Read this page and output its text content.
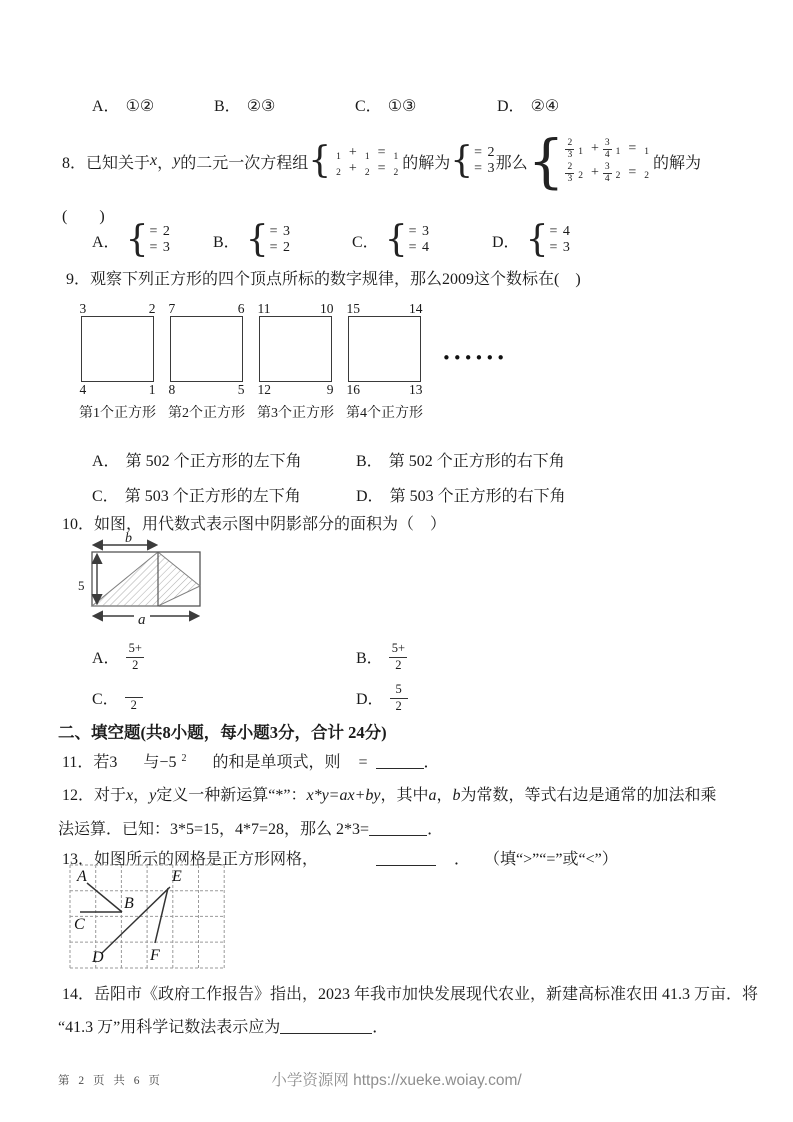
A． ①②	B． ②③	C． ①③	D． ②④
8．已知关于 x ， y 的二元一次方程组 { $_1$ + $_1$ = $_1$
$_2$ + $_2$ = $_2$
的解为 { = 2
= 3 那么 { $\frac{2}{3} 1 + \frac{3}{4} 1 = 1$
$\frac{2}{3} 2 + \frac{3}{4} 2 = 2$
的解为
(　　)
A． { = 2
= 3	B． { = 3
= 2	C． { = 3
= 4	D． { = 4
= 3
9．观察下列正方形的四个顶点所标的数字规律，那么2009这个数标在(　)
3	2
4	1
第1个正方形
7	6
8	5
第2个正方形
11	10
12	9
第3个正方形
15	14
16	13
第4个正方形
••••••
A． 第 502 个正方形的左下角	B． 第 502 个正方形的右下角
C． 第 503 个正方形的左下角	D． 第 503 个正方形的右下角
10．如图，用代数式表示图中阴影部分的面积为（　）
b
5
a
A．
5+
2	B．
5+
2
C． 2	D．
5
2
二、填空题(共8小题，每小题3分，合计 24分)
11．若3 与−5 $^2$ 的和是单项式，则 =	．
12．对于x，y定义一种新运算“*”：x*y=ax+by，其中a，b为常数，等式右边是通常的加法和乘
法运算．已知：3*5=15，4*7=28，那么 2*3=	．
13．如图所示的网格是正方形网格，	． （填“>”“=”或“<”）
A
B
C
D
E
F
14．岳阳市《政府工作报告》指出，2023 年我市加快发展现代农业，新建高标准农田 41.3 万亩．将
“41.3 万”用科学记数法表示应为	．
第 2 页 共 6 页	小学资源网 https://xueke.woiay.com/
